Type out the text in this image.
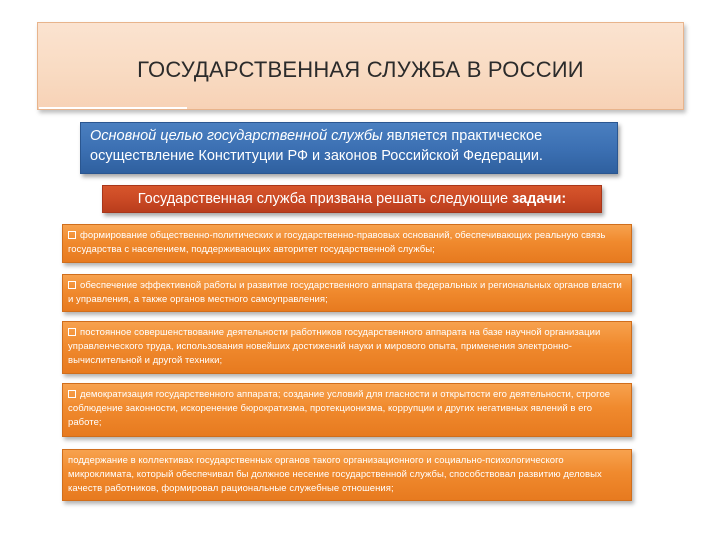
ГОСУДАРСТВЕННАЯ СЛУЖБА В РОССИИ
Основной целью государственной службы является практическое осуществление Конституции РФ и законов Российской Федерации.
Государственная служба призвана решать следующие задачи:
формирование общественно-политических и государственно-правовых оснований, обеспечивающих реальную связь государства с населением, поддерживающих авторитет государственной службы;
обеспечение эффективной работы и развитие государственного аппарата федеральных и региональных органов власти и управления, а также органов местного самоуправления;
постоянное совершенствование деятельности работников государственного аппарата на базе научной организации управленческого труда, использования новейших достижений науки и мирового опыта, применения электронно-вычислительной и другой техники;
демократизация государственного аппарата; создание условий для гласности и открытости его деятельности, строгое соблюдение законности, искоренение бюрократизма, протекционизма, коррупции и других негативных явлений в его работе;
поддержание в коллективах государственных органов такого организационного и социально-психологического микроклимата, который обеспечивал бы должное несение государственной службы, способствовал развитию деловых качеств работников, формировал рациональные служебные отношения;
